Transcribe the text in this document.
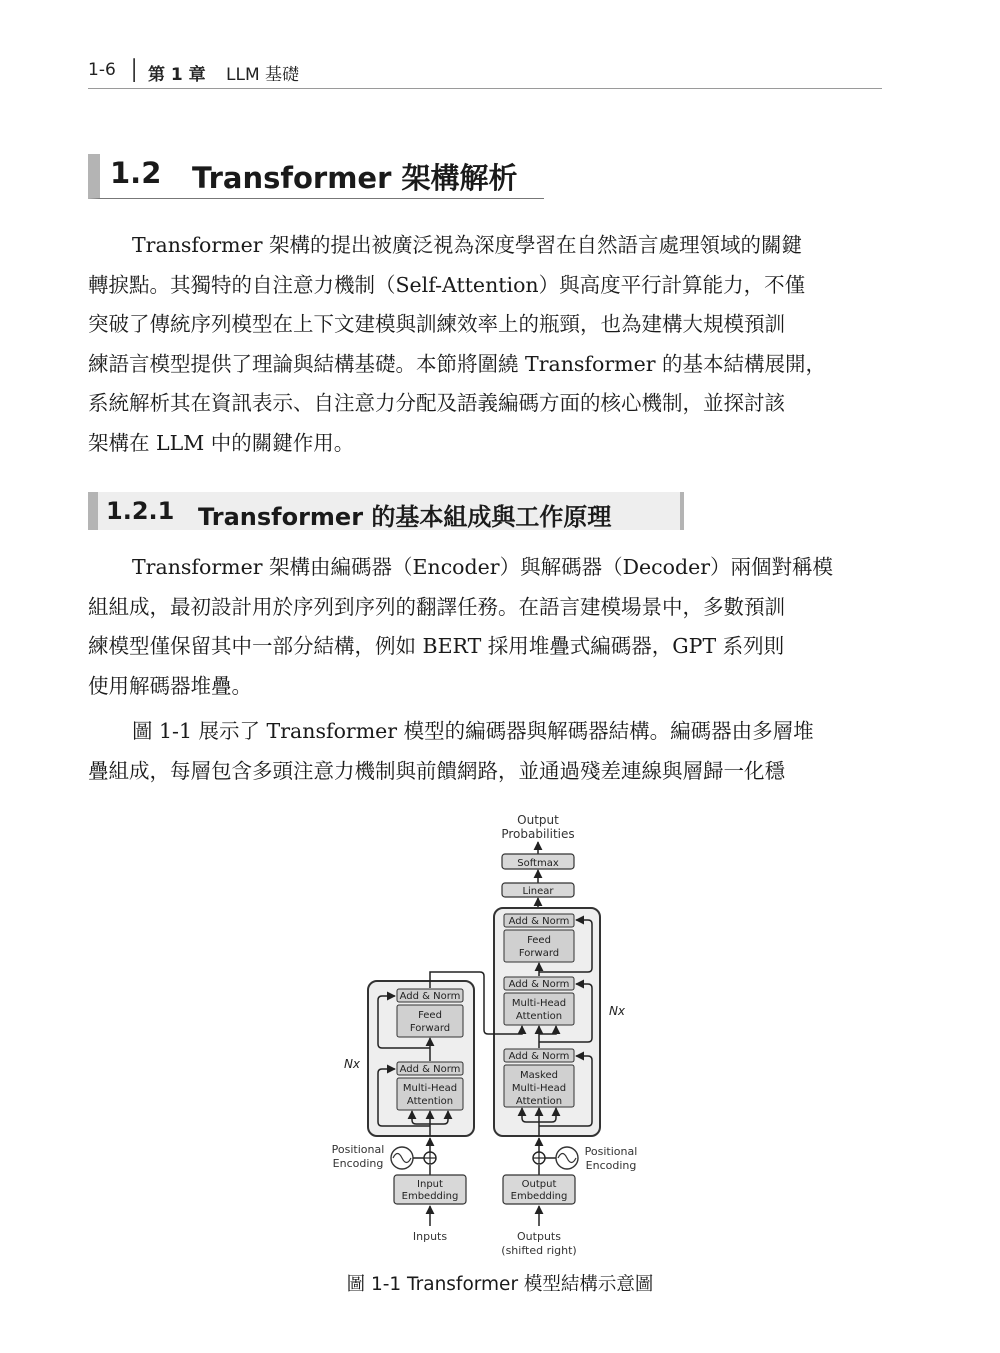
1-6 │ 第 1 章 LLM 基礎
1.2 Transformer 架構解析
Transformer 架構的提出被廣泛視為深度學習在自然語言處理領域的關鍵
轉捩點。其獨特的自注意力機制（Self-Attention）與高度平行計算能力，不僅
突破了傳統序列模型在上下文建模與訓練效率上的瓶頸，也為建構大規模預訓
練語言模型提供了理論與結構基礎。本節將圍繞 Transformer 的基本結構展開，
系統解析其在資訊表示、自注意力分配及語義編碼方面的核心機制，並探討該
架構在 LLM 中的關鍵作用。
1.2.1 Transformer 的基本組成與工作原理
Transformer 架構由編碼器（Encoder）與解碼器（Decoder）兩個對稱模
組組成，最初設計用於序列到序列的翻譯任務。在語言建模場景中，多數預訓
練模型僅保留其中一部分結構，例如 BERT 採用堆疊式編碼器，GPT 系列則
使用解碼器堆疊。
圖 1-1 展示了 Transformer 模型的編碼器與解碼器結構。編碼器由多層堆
疊組成，每層包含多頭注意力機制與前饋網路，並通過殘差連線與層歸一化穩
Output
Probabilities
Softmax
Linear
Add & Norm
Feed
Forward
Add & Norm
Multi-Head
Attention
Add & Norm
Masked
Multi-Head
Attention
Nx
Add & Norm
Feed
Forward
Add & Norm
Multi-Head
Attention
Nx
Positional
Encoding
Input
Embedding
Inputs
Positional
Encoding
Output
Embedding
Outputs
(shifted right)
圖 1-1 Transformer 模型結構示意圖
